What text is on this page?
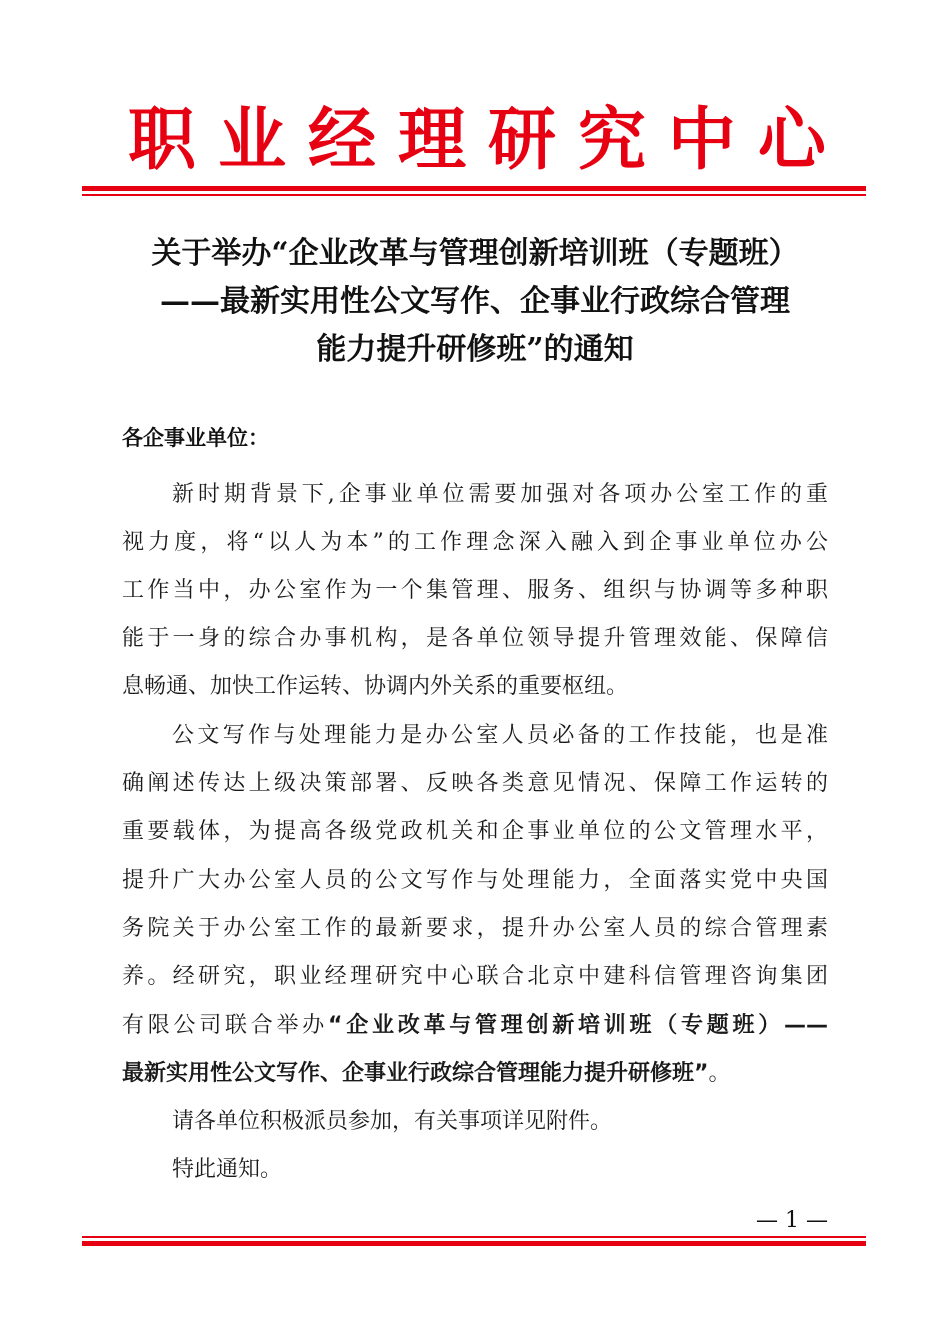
职 业 经 理 研 究 中 心
关于举办“企业改革与管理创新培训班（专题班）
——最新实用性公文写作、企事业行政综合管理
能力提升研修班”的通知
各企事业单位：
新时期背景下,企事业单位需要加强对各项办公室工作的重
视力度，将“以人为本”的工作理念深入融入到企事业单位办公
工作当中，办公室作为一个集管理、服务、组织与协调等多种职
能于一身的综合办事机构，是各单位领导提升管理效能、保障信
息畅通、加快工作运转、协调内外关系的重要枢纽。
公文写作与处理能力是办公室人员必备的工作技能，也是准
确阐述传达上级决策部署、反映各类意见情况、保障工作运转的
重要载体，为提高各级党政机关和企事业单位的公文管理水平，
提升广大办公室人员的公文写作与处理能力，全面落实党中央国
务院关于办公室工作的最新要求，提升办公室人员的综合管理素
养。经研究，职业经理研究中心联合北京中建科信管理咨询集团
有限公司联合举办“企业改革与管理创新培训班（专题班）——
最新实用性公文写作、企事业行政综合管理能力提升研修班”。
请各单位积极派员参加，有关事项详见附件。
特此通知。
— 1 —
